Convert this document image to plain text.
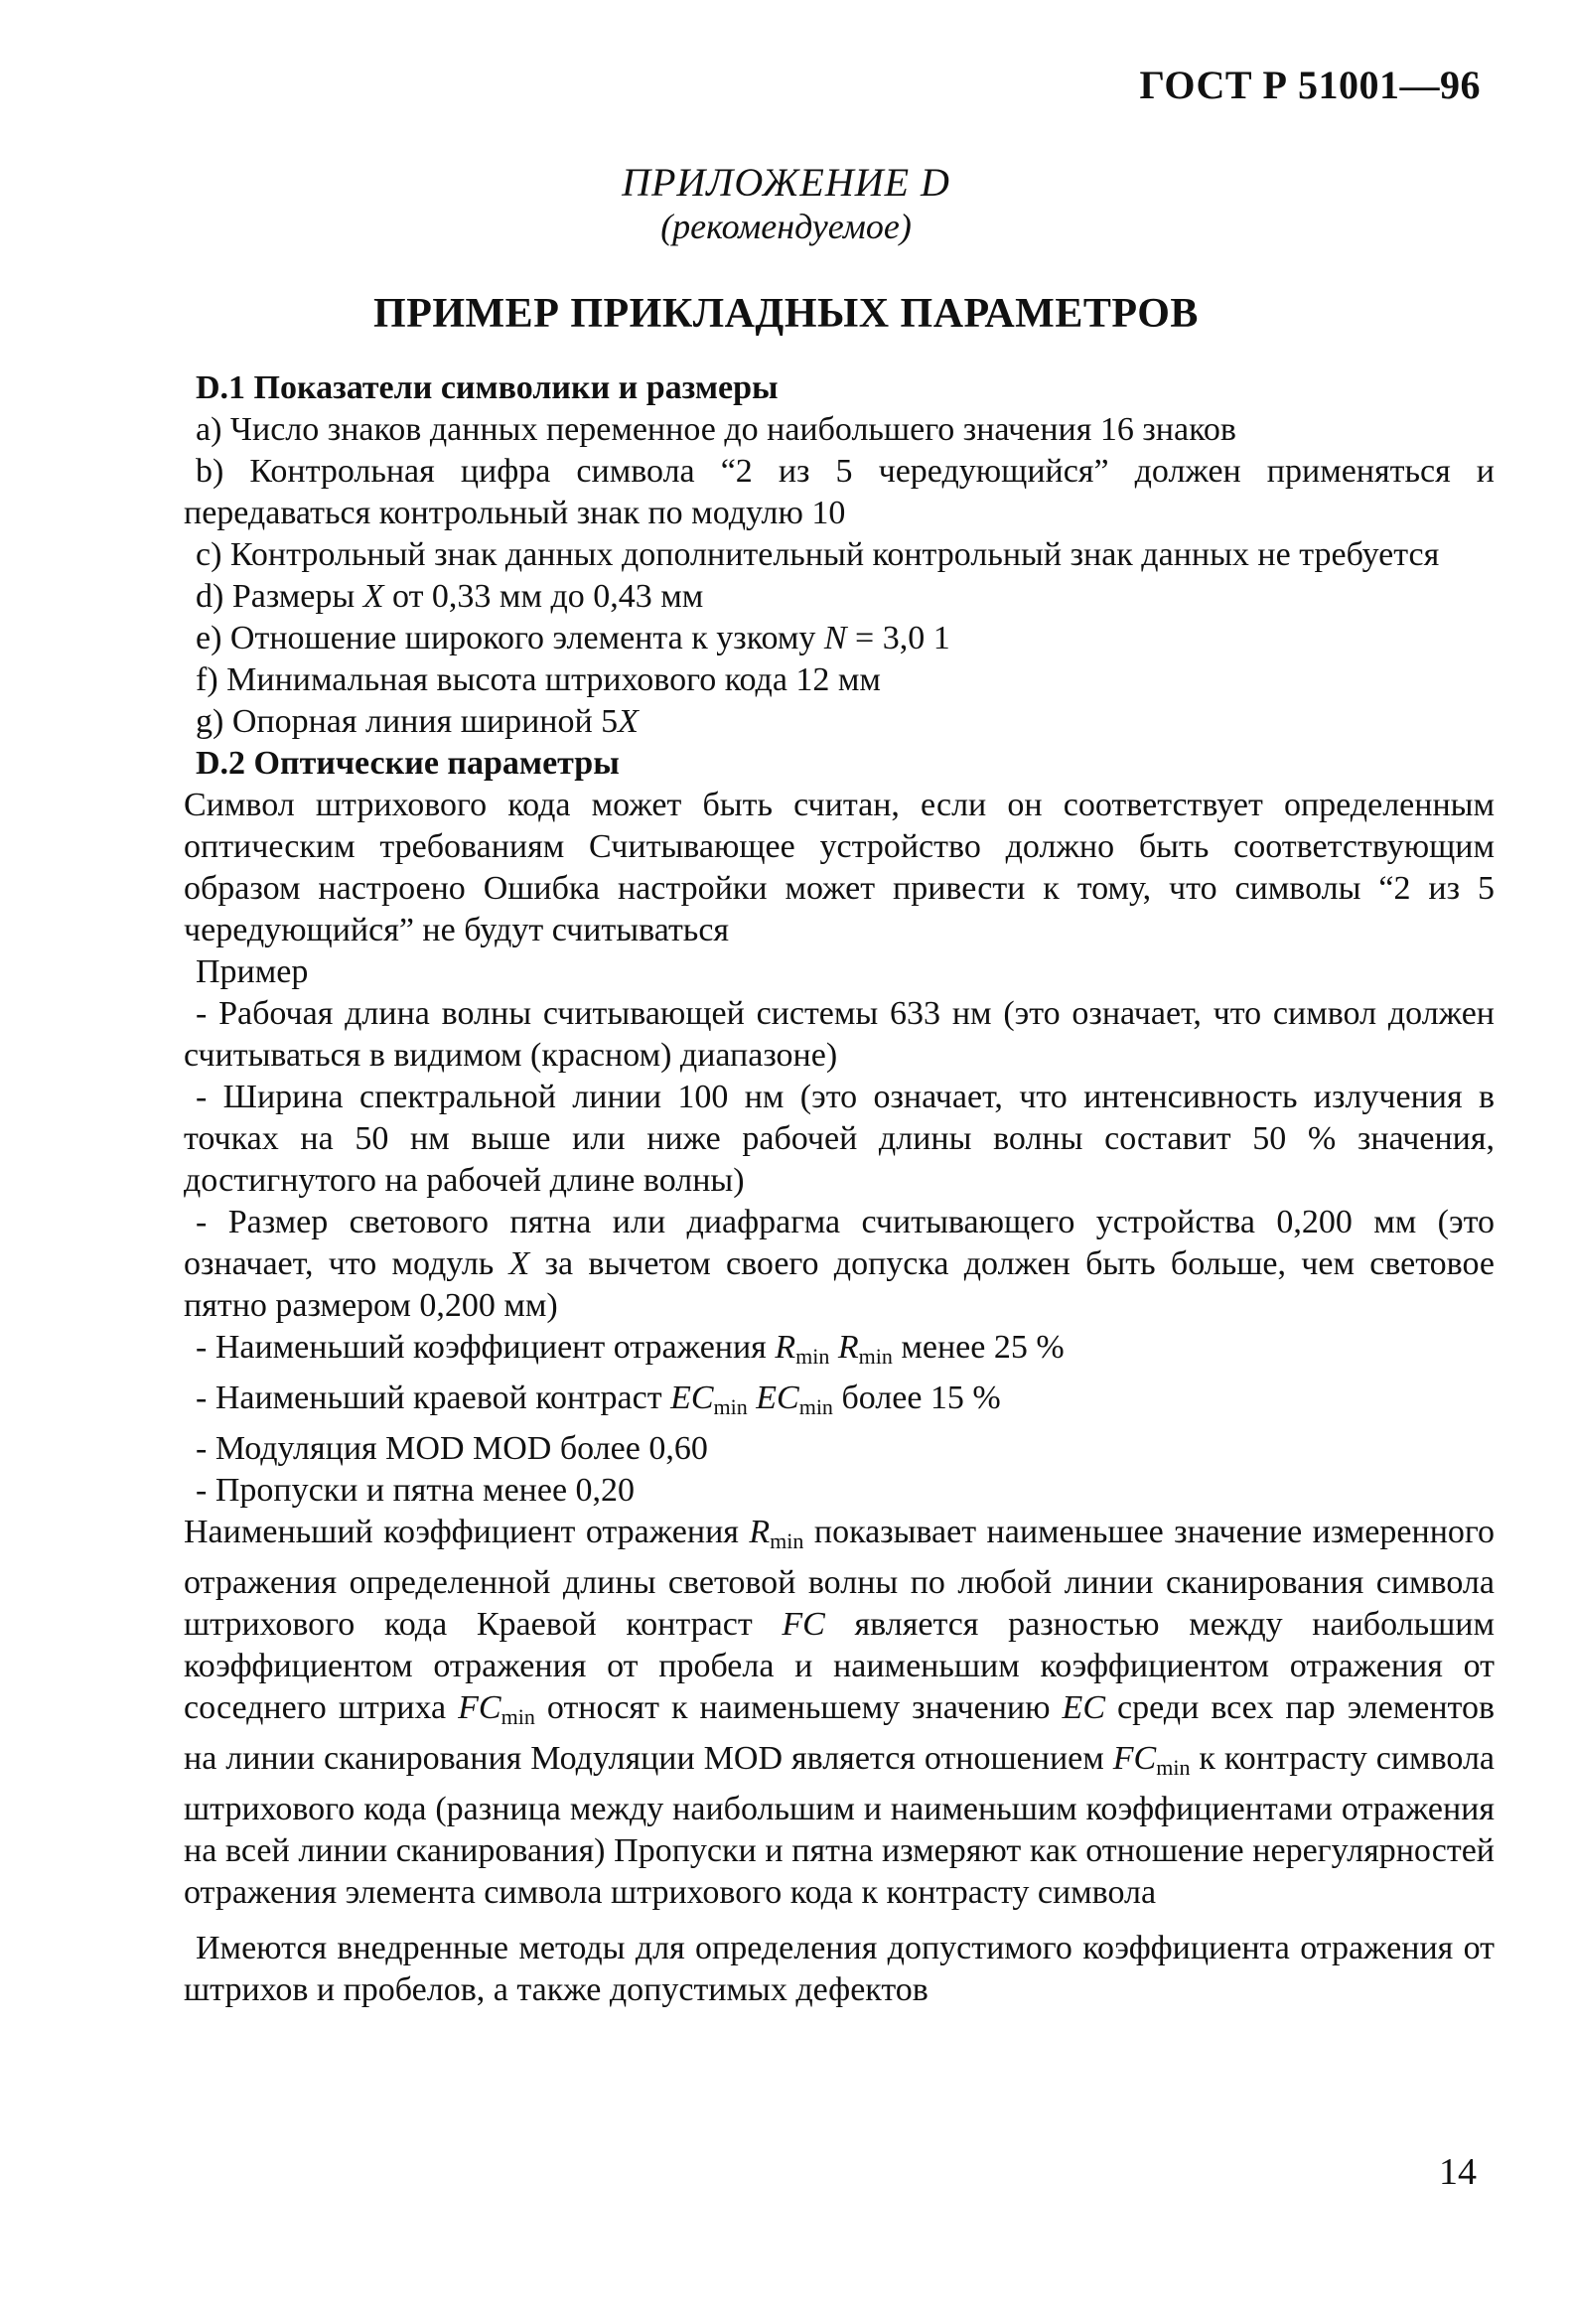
ГОСТ Р 51001—96
ПРИЛОЖЕНИЕ D
(рекомендуемое)
ПРИМЕР ПРИКЛАДНЫХ ПАРАМЕТРОВ

D.1 Показатели символики и размеры

a) Число знаков данных переменное до наибольшего значения 16 знаков

b) Контрольная цифра символа “2 из 5 чередующийся” должен применяться и передаваться контрольный знак по модулю 10

c) Контрольный знак данных дополнительный контрольный знак данных не требуется

d) Размеры X от 0,33 мм до 0,43 мм

e) Отношение широкого элемента к узкому N = 3,0 1

f) Минимальная высота штрихового кода 12 мм

g) Опорная линия шириной 5X

D.2 Оптические параметры

Символ штрихового кода может быть считан, если он соответствует определенным оптическим требованиям Считывающее устройство должно быть соответствующим образом настроено Ошибка настройки может привести к тому, что символы “2 из 5 чередующийся” не будут считываться

Пример

- Рабочая длина волны считывающей системы 633 нм (это означает, что символ должен считываться в видимом (красном) диапазоне)

- Ширина спектральной линии 100 нм (это означает, что интенсивность излучения в точках на 50 нм выше или ниже рабочей длины волны составит 50 % значения, достигнутого на рабочей длине волны)

- Размер светового пятна или диафрагма считывающего устройства 0,200 мм (это означает, что модуль X за вычетом своего допуска должен быть больше, чем световое пятно размером 0,200 мм)

- Наименьший коэффициент отражения $R_{min}$ $R_{min}$ менее 25 %

- Наименьший краевой контраст $EC_{min}$ $EC_{min}$ более 15 %

- Модуляция MOD MOD более 0,60

- Пропуски и пятна менее 0,20

Наименьший коэффициент отражения $R_{min}$ показывает наименьшее значение измеренного отражения определенной длины световой волны по любой линии сканирования символа штрихового кода Краевой контраст FC является разностью между наибольшим коэффициентом отражения от пробела и наименьшим коэффициентом отражения от соседнего штриха $FC_{min}$ относят к наименьшему значению EC среди всех пар элементов на линии сканирования Модуляции MOD является отношением $FC_{min}$ к контрасту символа штрихового кода (разница между наибольшим и наименьшим коэффициентами отражения на всей линии сканирования) Пропуски и пятна измеряют как отношение нерегулярностей отражения элемента символа штрихового кода к контрасту символа

Имеются внедренные методы для определения допустимого коэффициента отражения от штрихов и пробелов, а также допустимых дефектов

14
